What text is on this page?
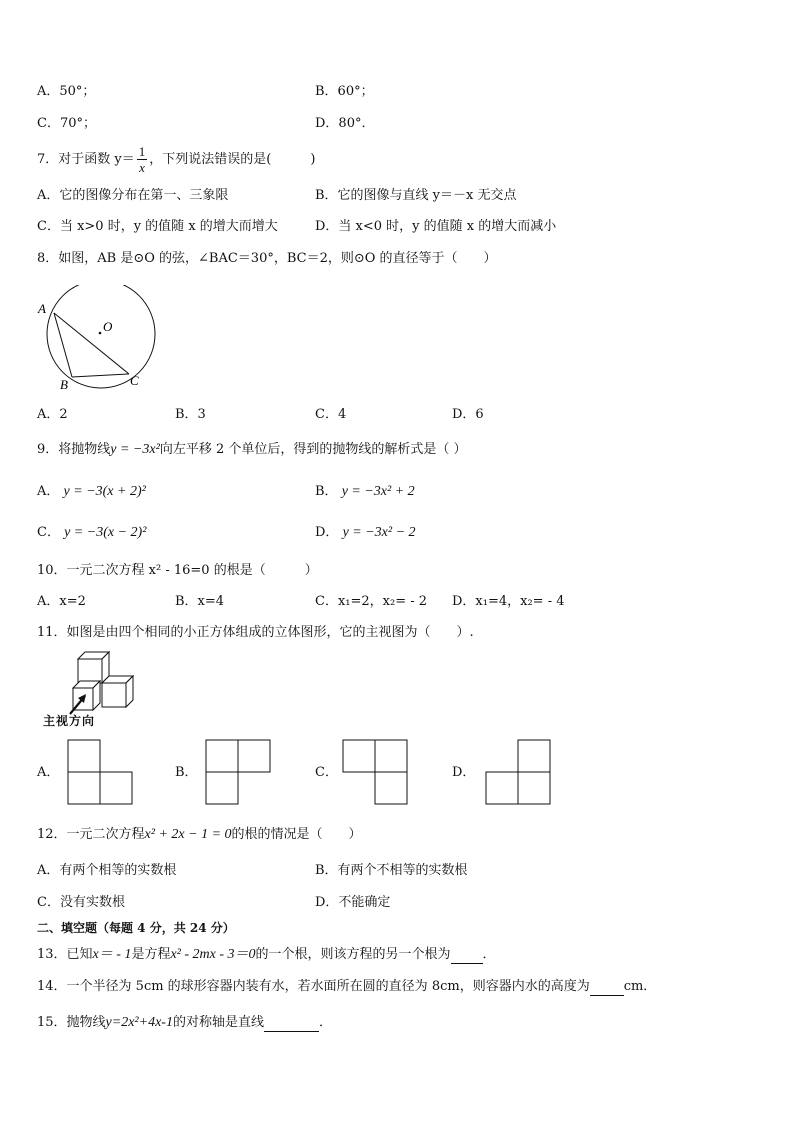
A．50°；	B．60°；
C．70°；	D．80°．
7．对于函数 $y= \frac{1}{x}$ ，下列说法错误的是(　　　)
A．它的图像分布在第一、三象限	B．它的图像与直线 y＝－x 无交点
C．当 x>0 时，y 的值随 x 的增大而增大	D．当 x<0 时，y 的值随 x 的增大而减小
8．如图，AB 是⊙O 的弦，∠BAC＝30°，BC＝2，则⊙O 的直径等于（　　）
A
O
B	C
A．2	B．3	C．4	D．6
9．将抛物线y = −3x²向左平移 2 个单位后，得到的抛物线的解析式是（ ）
A． y = −3(x + 2)²	B． y = −3x² + 2
C． y = −3(x − 2)²	D． y = −3x² − 2
10．一元二次方程 x² - 16=0 的根是（　　　）
A．x=2	B．x=4	C．x₁=2，x₂= - 2 D．x₁=4，x₂= - 4
11．如图是由四个相同的小正方体组成的立体图形，它的主视图为（　　）.
主视方向
A．	B．	C．	D．
12．一元二次方程x² + 2x − 1 = 0的根的情况是（　　）
A．有两个相等的实数根	B．有两个不相等的实数根
C．没有实数根	D．不能确定
二、填空题（每题 4 分，共 24 分）
13．已知x＝ - 1是方程x² - 2mx - 3＝0的一个根，则该方程的另一个根为 ．
14．一个半径为 5cm 的球形容器内装有水，若水面所在圆的直径为 8cm，则容器内水的高度为	cm．
15．抛物线y=2x²+4x-1的对称轴是直线	．
